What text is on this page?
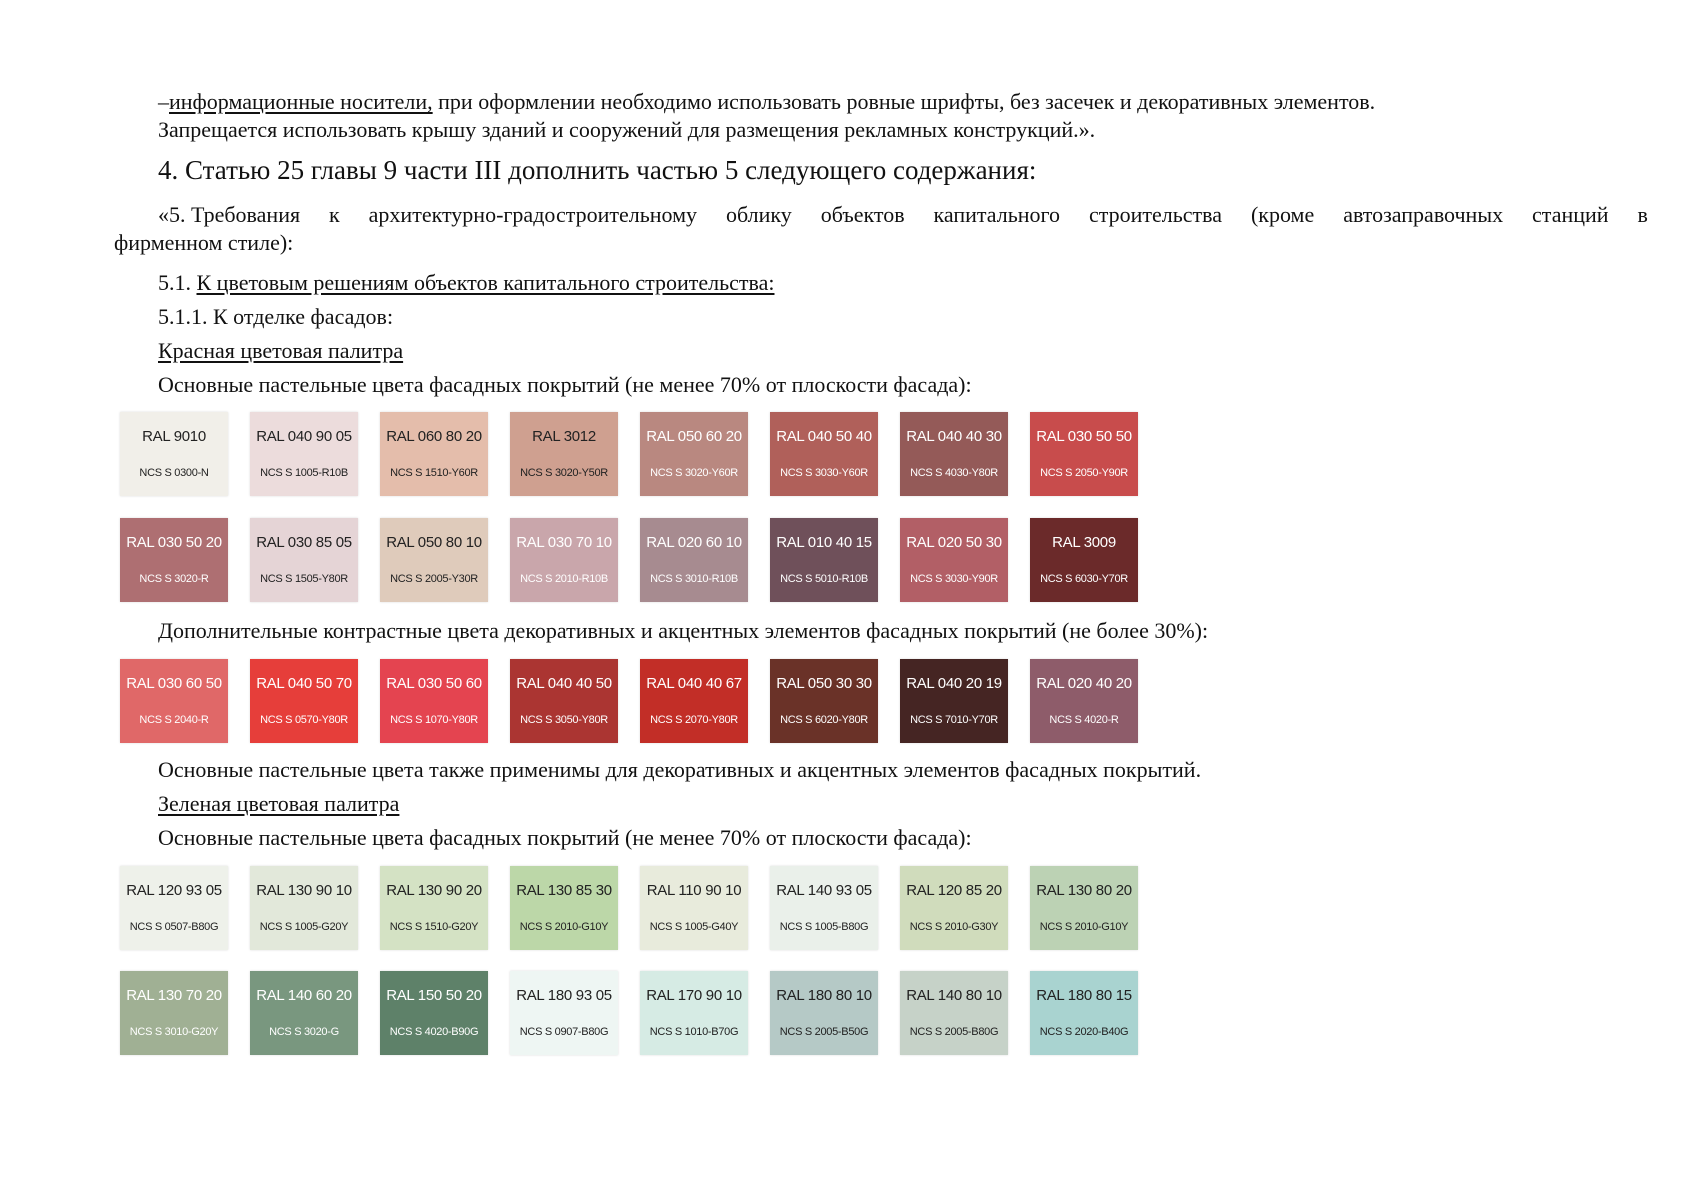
–информационные носители, при оформлении необходимо использовать ровные шрифты, без засечек и декоративных элементов.
Запрещается использовать крышу зданий и сооружений для размещения рекламных конструкций.».
4. Статью 25 главы 9 части III дополнить частью 5 следующего содержания:
«5. Требования к архитектурно-градостроительному облику объектов капитального строительства (кроме автозаправочных станций в
фирменном стиле):
5.1. К цветовым решениям объектов капитального строительства:
5.1.1. К отделке фасадов:
Красная цветовая палитра
Основные пастельные цвета фасадных покрытий (не менее 70% от плоскости фасада):
RAL 9010
NCS S 0300-N
RAL 040 90 05
NCS S 1005-R10B
RAL 060 80 20
NCS S 1510-Y60R
RAL 3012
NCS S 3020-Y50R
RAL 050 60 20
NCS S 3020-Y60R
RAL 040 50 40
NCS S 3030-Y60R
RAL 040 40 30
NCS S 4030-Y80R
RAL 030 50 50
NCS S 2050-Y90R
RAL 030 50 20
NCS S 3020-R
RAL 030 85 05
NCS S 1505-Y80R
RAL 050 80 10
NCS S 2005-Y30R
RAL 030 70 10
NCS S 2010-R10B
RAL 020 60 10
NCS S 3010-R10B
RAL 010 40 15
NCS S 5010-R10B
RAL 020 50 30
NCS S 3030-Y90R
RAL 3009
NCS S 6030-Y70R
Дополнительные контрастные цвета декоративных и акцентных элементов фасадных покрытий (не более 30%):
RAL 030 60 50
NCS S 2040-R
RAL 040 50 70
NCS S 0570-Y80R
RAL 030 50 60
NCS S 1070-Y80R
RAL 040 40 50
NCS S 3050-Y80R
RAL 040 40 67
NCS S 2070-Y80R
RAL 050 30 30
NCS S 6020-Y80R
RAL 040 20 19
NCS S 7010-Y70R
RAL 020 40 20
NCS S 4020-R
Основные пастельные цвета также применимы для декоративных и акцентных элементов фасадных покрытий.
Зеленая цветовая палитра
Основные пастельные цвета фасадных покрытий (не менее 70% от плоскости фасада):
RAL 120 93 05
NCS S 0507-B80G
RAL 130 90 10
NCS S 1005-G20Y
RAL 130 90 20
NCS S 1510-G20Y
RAL 130 85 30
NCS S 2010-G10Y
RAL 110 90 10
NCS S 1005-G40Y
RAL 140 93 05
NCS S 1005-B80G
RAL 120 85 20
NCS S 2010-G30Y
RAL 130 80 20
NCS S 2010-G10Y
RAL 130 70 20
NCS S 3010-G20Y
RAL 140 60 20
NCS S 3020-G
RAL 150 50 20
NCS S 4020-B90G
RAL 180 93 05
NCS S 0907-B80G
RAL 170 90 10
NCS S 1010-B70G
RAL 180 80 10
NCS S 2005-B50G
RAL 140 80 10
NCS S 2005-B80G
RAL 180 80 15
NCS S 2020-B40G
